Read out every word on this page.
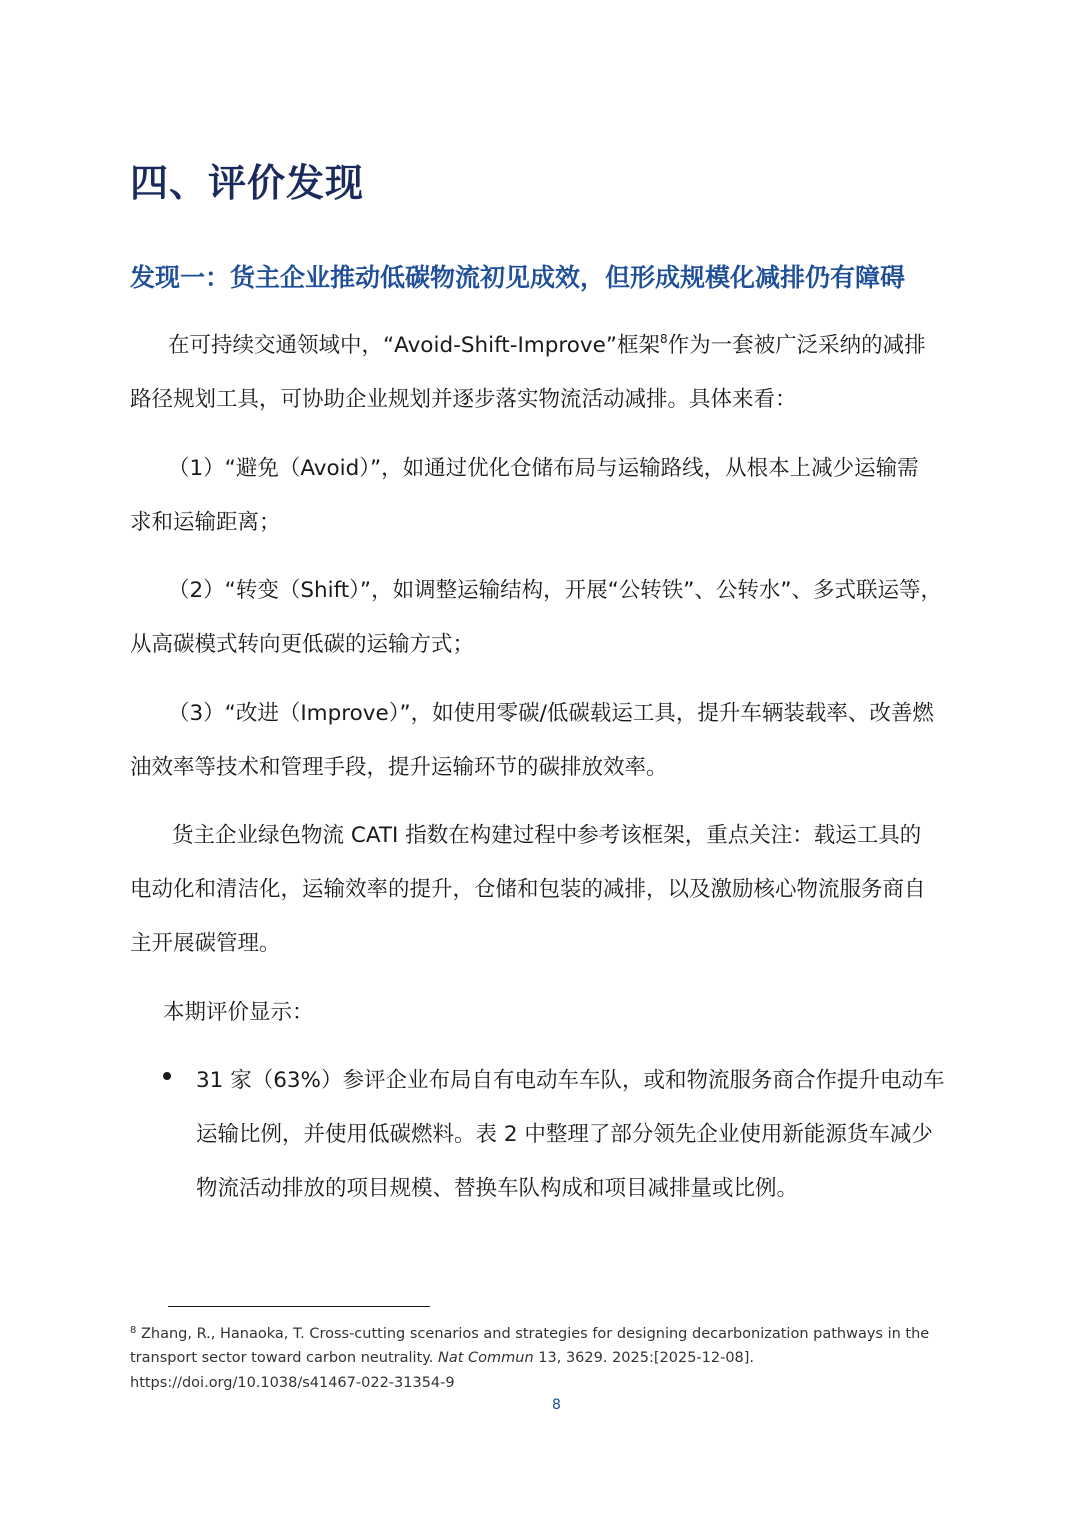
四、评价发现
发现一：货主企业推动低碳物流初见成效，但形成规模化减排仍有障碍
在可持续交通领域中，“Avoid-Shift-Improve”框架$^8$作为一套被广泛采纳的减排
路径规划工具，可协助企业规划并逐步落实物流活动减排。具体来看：
（1）“避免（Avoid）”，如通过优化仓储布局与运输路线，从根本上减少运输需
求和运输距离；
（2）“转变（Shift）”，如调整运输结构，开展“公转铁”、公转水”、多式联运等，
从高碳模式转向更低碳的运输方式；
（3）“改进（Improve）”，如使用零碳/低碳载运工具，提升车辆装载率、改善燃
油效率等技术和管理手段，提升运输环节的碳排放效率。
货主企业绿色物流 CATI 指数在构建过程中参考该框架，重点关注：载运工具的
电动化和清洁化，运输效率的提升，仓储和包装的减排，以及激励核心物流服务商自
主开展碳管理。
本期评价显示：
31 家（63%）参评企业布局自有电动车车队，或和物流服务商合作提升电动车
运输比例，并使用低碳燃料。表 2 中整理了部分领先企业使用新能源货车减少
物流活动排放的项目规模、替换车队构成和项目减排量或比例。
$^8$ Zhang, R., Hanaoka, T. Cross-cutting scenarios and strategies for designing decarbonization pathways in the
transport sector toward carbon neutrality. Nat Commun 13, 3629. 2025:[2025-12-08].
https://doi.org/10.1038/s41467-022-31354-9
8
